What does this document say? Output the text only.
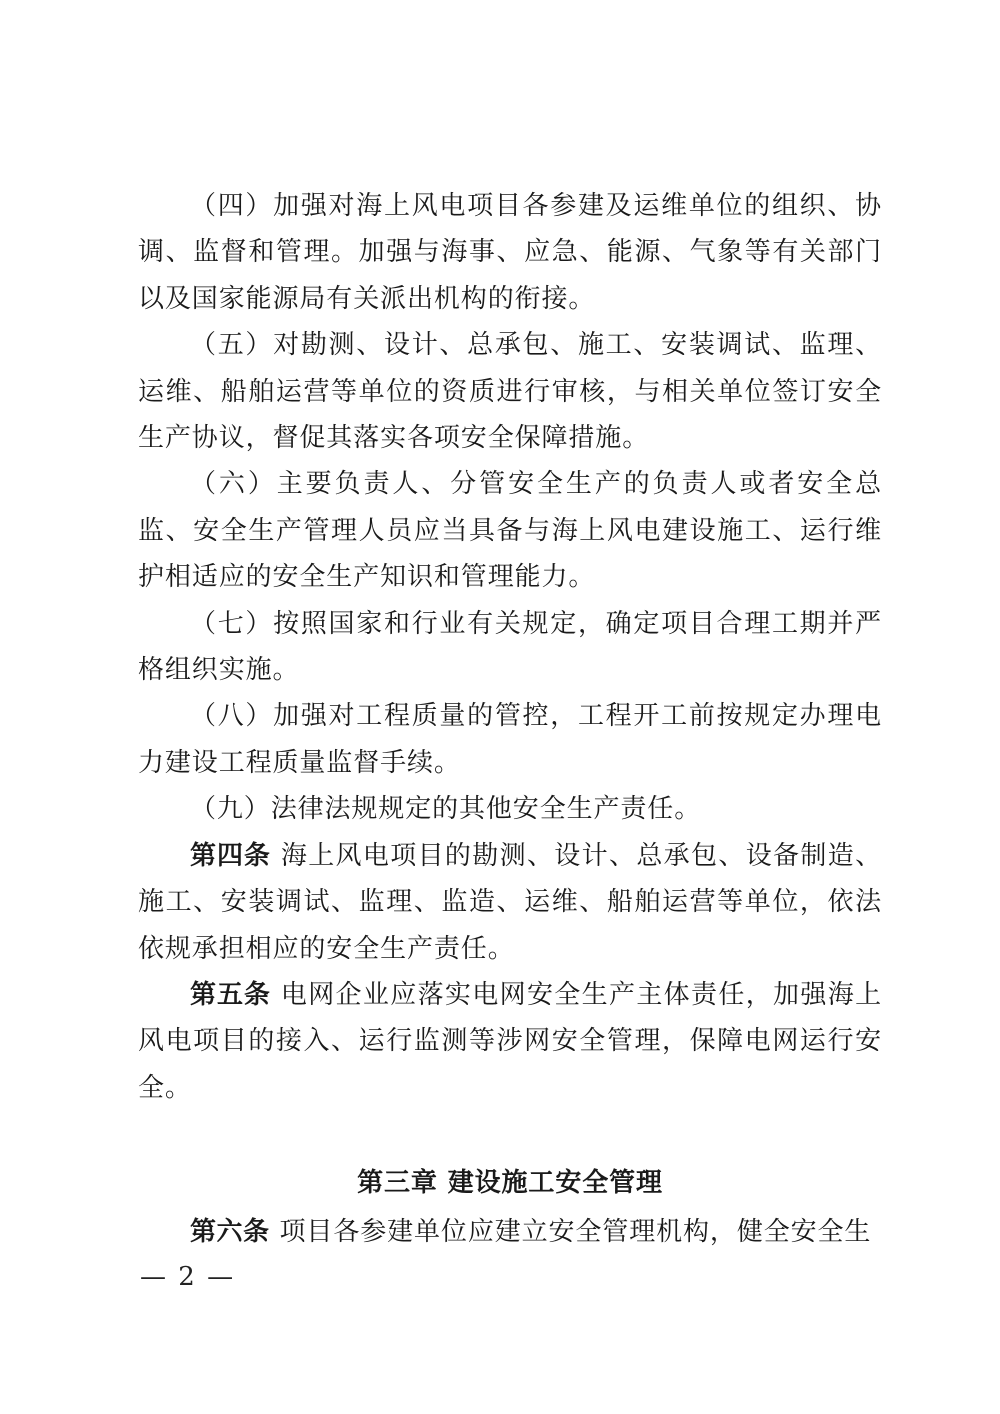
（四）加强对海上风电项目各参建及运维单位的组织、协调、监督和管理。加强与海事、应急、能源、气象等有关部门以及国家能源局有关派出机构的衔接。

（五）对勘测、设计、总承包、施工、安装调试、监理、运维、船舶运营等单位的资质进行审核，与相关单位签订安全生产协议，督促其落实各项安全保障措施。

（六）主要负责人、分管安全生产的负责人或者安全总监、安全生产管理人员应当具备与海上风电建设施工、运行维护相适应的安全生产知识和管理能力。

（七）按照国家和行业有关规定，确定项目合理工期并严格组织实施。

（八）加强对工程质量的管控，工程开工前按规定办理电力建设工程质量监督手续。

（九）法律法规规定的其他安全生产责任。

第四条 海上风电项目的勘测、设计、总承包、设备制造、施工、安装调试、监理、监造、运维、船舶运营等单位，依法依规承担相应的安全生产责任。

第五条 电网企业应落实电网安全生产主体责任，加强海上风电项目的接入、运行监测等涉网安全管理，保障电网运行安全。

第三章 建设施工安全管理

第六条 项目各参建单位应建立安全管理机构，健全安全生

— 2 —
